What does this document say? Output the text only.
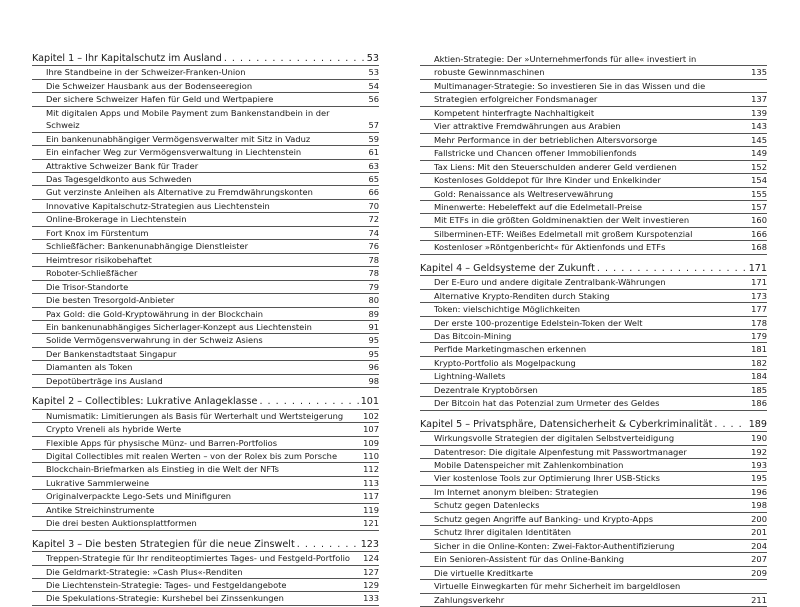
Kapitel 1 – Ihr Kapitalschutz im Ausland . . .	53
Ihre Standbeine in der Schweizer-Franken-Union	53
Die Schweizer Hausbank aus der Bodenseeregion	54
Der sichere Schweizer Hafen für Geld und Wertpapiere	56
Mit digitalen Apps und Mobile Payment zum Bankenstandbein in der Schweiz	57
Ein bankenunabhängiger Vermögensverwalter mit Sitz in Vaduz	59
Ein einfacher Weg zur Vermögensverwaltung in Liechtenstein	61
Attraktive Schweizer Bank für Trader	63
Das Tagesgeldkonto aus Schweden	65
Gut verzinste Anleihen als Alternative zu Fremdwährungskonten	66
Innovative Kapitalschutz-Strategien aus Liechtenstein	70
Online-Brokerage in Liechtenstein	72
Fort Knox im Fürstentum	74
Schließfächer: Bankenunabhängige Dienstleister	76
Heimtresor risikobehaftet	78
Roboter-Schließfächer	78
Die Trisor-Standorte	79
Die besten Tresorgold-Anbieter	80
Pax Gold: die Gold-Kryptowährung in der Blockchain	89
Ein bankenunabhängiges Sicherlager-Konzept aus Liechtenstein	91
Solide Vermögensverwahrung in der Schweiz Asiens	95
Der Bankenstadtstaat Singapur	95
Diamanten als Token	96
Depotüberträge ins Ausland	98
Kapitel 2 – Collectibles: Lukrative Anlageklasse . . .	101
Numismatik: Limitierungen als Basis für Werterhalt und Wertsteigerung	102
Crypto Vreneli als hybride Werte	107
Flexible Apps für physische Münz- und Barren-Portfolios	109
Digital Collectibles mit realen Werten – von der Rolex bis zum Porsche	110
Blockchain-Briefmarken als Einstieg in die Welt der NFTs	112
Lukrative Sammlerweine	113
Originalverpackte Lego-Sets und Minifiguren	117
Antike Streichinstrumente	119
Die drei besten Auktionsplattformen	121
Kapitel 3 – Die besten Strategien für die neue Zinswelt . . .	123
Treppen-Strategie für Ihr renditeoptimiertes Tages- und Festgeld-Portfolio	124
Die Geldmarkt-Strategie: »Cash Plus«-Renditen	127
Die Liechtenstein-Strategie: Tages- und Festgeldangebote	129
Die Spekulations-Strategie: Kurshebel bei Zinssenkungen	133
Aktien-Strategie: Der »Unternehmerfonds für alle« investiert in
robuste Gewinnmaschinen	135
Multimanager-Strategie: So investieren Sie in das Wissen und die
Strategien erfolgreicher Fondsmanager	137
Kompetent hinterfragte Nachhaltigkeit	139
Vier attraktive Fremdwährungen aus Arabien	143
Mehr Performance in der betrieblichen Altersvorsorge	145
Fallstricke und Chancen offener Immobilienfonds	149
Tax Liens: Mit den Steuerschulden anderer Geld verdienen	152
Kostenloses Golddepot für Ihre Kinder und Enkelkinder	154
Gold: Renaissance als Weltreservewährung	155
Minenwerte: Hebeleffekt auf die Edelmetall-Preise	157
Mit ETFs in die größten Goldminenaktien der Welt investieren	160
Silberminen-ETF: Weißes Edelmetall mit großem Kurspotenzial	166
Kostenloser »Röntgenbericht« für Aktienfonds und ETFs	168
Kapitel 4 – Geldsysteme der Zukunft . . .	171
Der E-Euro und andere digitale Zentralbank-Währungen	171
Alternative Krypto-Renditen durch Staking	173
Token: vielschichtige Möglichkeiten	177
Der erste 100-prozentige Edelstein-Token der Welt	178
Das Bitcoin-Mining	179
Perfide Marketingmaschen erkennen	181
Krypto-Portfolio als Mogelpackung	182
Lightning-Wallets	184
Dezentrale Kryptobörsen	185
Der Bitcoin hat das Potenzial zum Urmeter des Geldes	186
Kapitel 5 – Privatsphäre, Datensicherheit & Cyberkriminalität . . .	189
Wirkungsvolle Strategien der digitalen Selbstverteidigung	190
Datentresor: Die digitale Alpenfestung mit Passwortmanager	192
Mobile Datenspeicher mit Zahlenkombination	193
Vier kostenlose Tools zur Optimierung Ihrer USB-Sticks	195
Im Internet anonym bleiben: Strategien	196
Schutz gegen Datenlecks	198
Schutz gegen Angriffe auf Banking- und Krypto-Apps	200
Schutz Ihrer digitalen Identitäten	201
Sicher in die Online-Konten: Zwei-Faktor-Authentifizierung	204
Ein Senioren-Assistent für das Online-Banking	207
Die virtuelle Kreditkarte	209
Virtuelle Einwegkarten für mehr Sicherheit im bargeldlosen
Zahlungsverkehr	211
